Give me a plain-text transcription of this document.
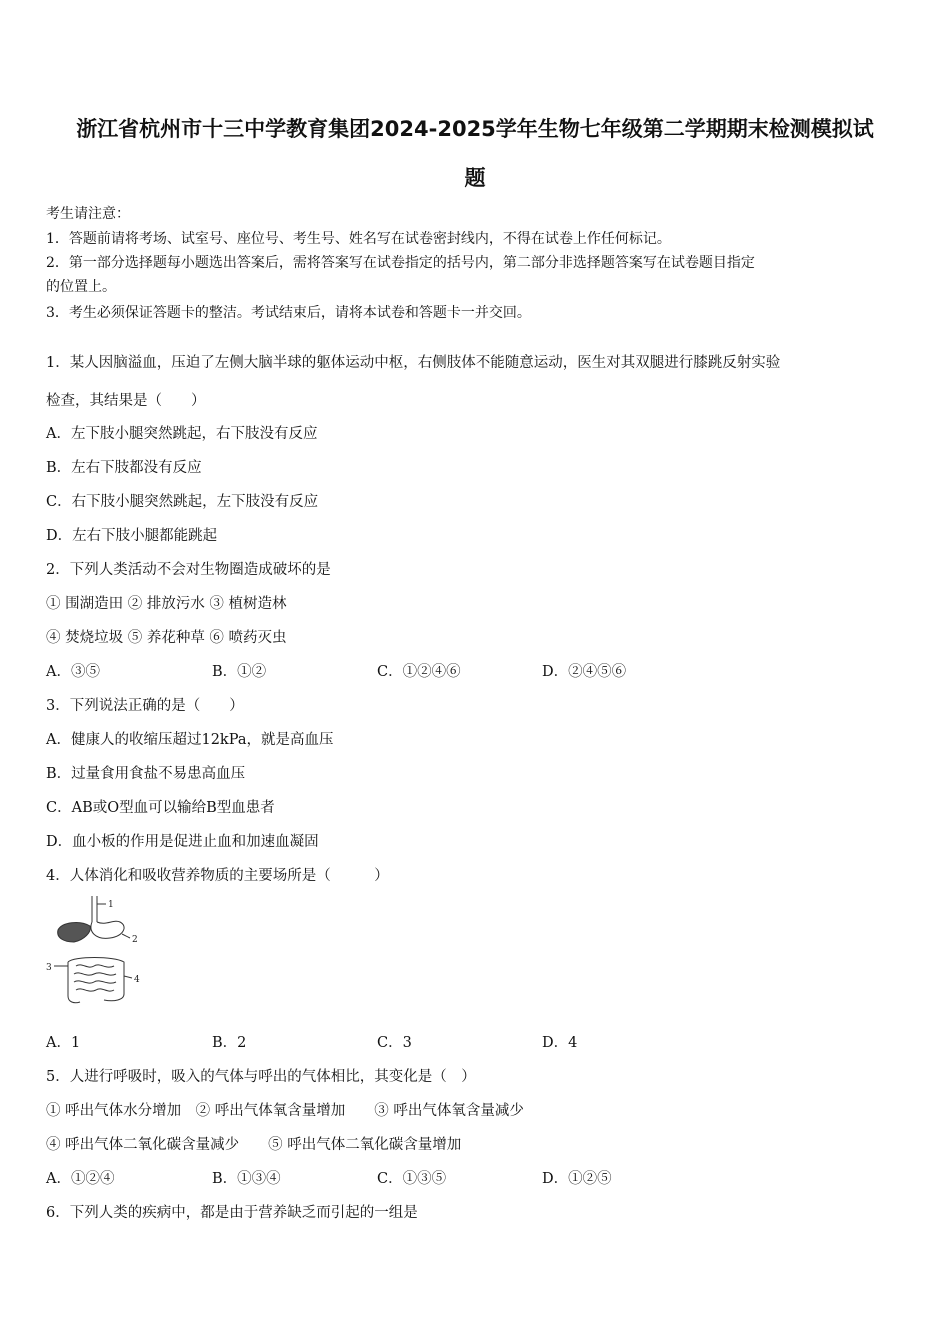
浙江省杭州市十三中学教育集团2024-2025学年生物七年级第二学期期末检测模拟试
题
考生请注意：
1．答题前请将考场、试室号、座位号、考生号、姓名写在试卷密封线内，不得在试卷上作任何标记。
2．第一部分选择题每小题选出答案后，需将答案写在试卷指定的括号内，第二部分非选择题答案写在试卷题目指定
的位置上。
3．考生必须保证答题卡的整洁。考试结束后，请将本试卷和答题卡一并交回。
1．某人因脑溢血，压迫了左侧大脑半球的躯体运动中枢，右侧肢体不能随意运动，医生对其双腿进行膝跳反射实验
检查，其结果是（　　）
A．左下肢小腿突然跳起，右下肢没有反应
B．左右下肢都没有反应
C．右下肢小腿突然跳起，左下肢没有反应
D．左右下肢小腿都能跳起
2．下列人类活动不会对生物圈造成破坏的是
① 围湖造田 ② 排放污水 ③ 植树造林
④ 焚烧垃圾 ⑤ 养花种草 ⑥ 喷药灭虫
A．③⑤	B．①②	C．①②④⑥	D．②④⑤⑥
3．下列说法正确的是（　　）
A．健康人的收缩压超过12kPa，就是高血压
B．过量食用食盐不易患高血压
C．AB或O型血可以输给B型血患者
D．血小板的作用是促进止血和加速血凝固
4．人体消化和吸收营养物质的主要场所是（　　　）
1
2
3
4
A．1	B．2	C．3	D．4
5．人进行呼吸时，吸入的气体与呼出的气体相比，其变化是（　）
① 呼出气体水分增加　② 呼出气体氧含量增加　　③ 呼出气体氧含量减少
④ 呼出气体二氧化碳含量减少　　⑤ 呼出气体二氧化碳含量增加
A．①②④	B．①③④	C．①③⑤	D．①②⑤
6．下列人类的疾病中，都是由于营养缺乏而引起的一组是
